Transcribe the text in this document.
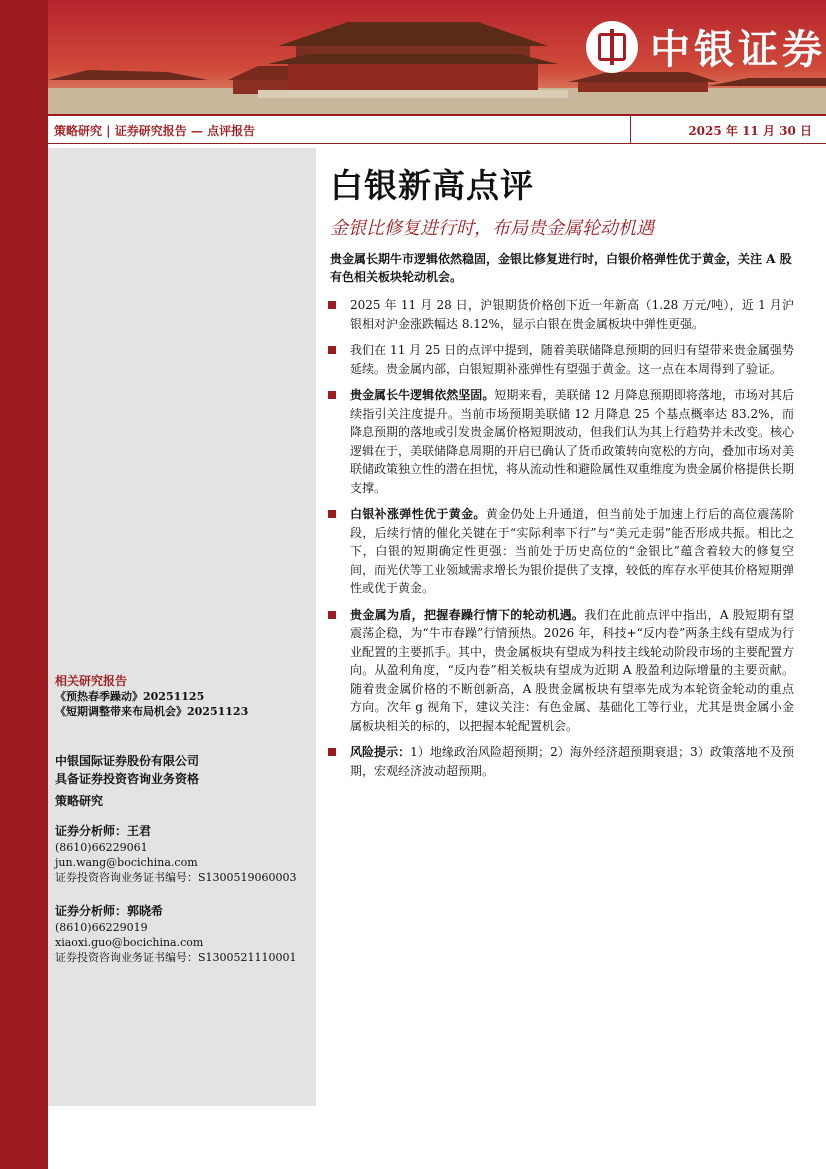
中银证券
策略研究 | 证券研究报告 — 点评报告	2025 年 11 月 30 日
相关研究报告
《预热春季躁动》20251125
《短期调整带来布局机会》20251123
中银国际证券股份有限公司
具备证券投资咨询业务资格
策略研究
证券分析师：王君
(8610)66229061
jun.wang@bocichina.com
证券投资咨询业务证书编号：S1300519060003
证券分析师：郭晓希
(8610)66229019
xiaoxi.guo@bocichina.com
证券投资咨询业务证书编号：S1300521110001
白银新高点评
金银比修复进行时，布局贵金属轮动机遇
贵金属长期牛市逻辑依然稳固，金银比修复进行时，白银价格弹性优于黄金，关注 A 股有色相关板块轮动机会。
2025 年 11 月 28 日，沪银期货价格创下近一年新高（1.28 万元/吨），近 1 月沪银相对沪金涨跌幅达 8.12%，显示白银在贵金属板块中弹性更强。
我们在 11 月 25 日的点评中提到，随着美联储降息预期的回归有望带来贵金属强势延续。贵金属内部，白银短期补涨弹性有望强于黄金。这一点在本周得到了验证。
贵金属长牛逻辑依然坚固。短期来看，美联储 12 月降息预期即将落地，市场对其后续指引关注度提升。当前市场预期美联储 12 月降息 25 个基点概率达 83.2%，而降息预期的落地或引发贵金属价格短期波动，但我们认为其上行趋势并未改变。核心逻辑在于，美联储降息周期的开启已确认了货币政策转向宽松的方向，叠加市场对美联储政策独立性的潜在担忧，将从流动性和避险属性双重维度为贵金属价格提供长期支撑。
白银补涨弹性优于黄金。黄金仍处上升通道，但当前处于加速上行后的高位震荡阶段，后续行情的催化关键在于“实际利率下行”与“美元走弱”能否形成共振。相比之下，白银的短期确定性更强：当前处于历史高位的“金银比”蕴含着较大的修复空间，而光伏等工业领域需求增长为银价提供了支撑，较低的库存水平使其价格短期弹性或优于黄金。
贵金属为盾，把握春躁行情下的轮动机遇。我们在此前点评中指出，A 股短期有望震荡企稳，为“牛市春躁”行情预热。2026 年，科技+“反内卷”两条主线有望成为行业配置的主要抓手。其中，贵金属板块有望成为科技主线轮动阶段市场的主要配置方向。从盈利角度，“反内卷”相关板块有望成为近期 A 股盈利边际增量的主要贡献。随着贵金属价格的不断创新高，A 股贵金属板块有望率先成为本轮资金轮动的重点方向。次年 g 视角下，建议关注：有色金属、基础化工等行业，尤其是贵金属小金属板块相关的标的，以把握本轮配置机会。
风险提示：1）地缘政治风险超预期；2）海外经济超预期衰退；3）政策落地不及预期，宏观经济波动超预期。
